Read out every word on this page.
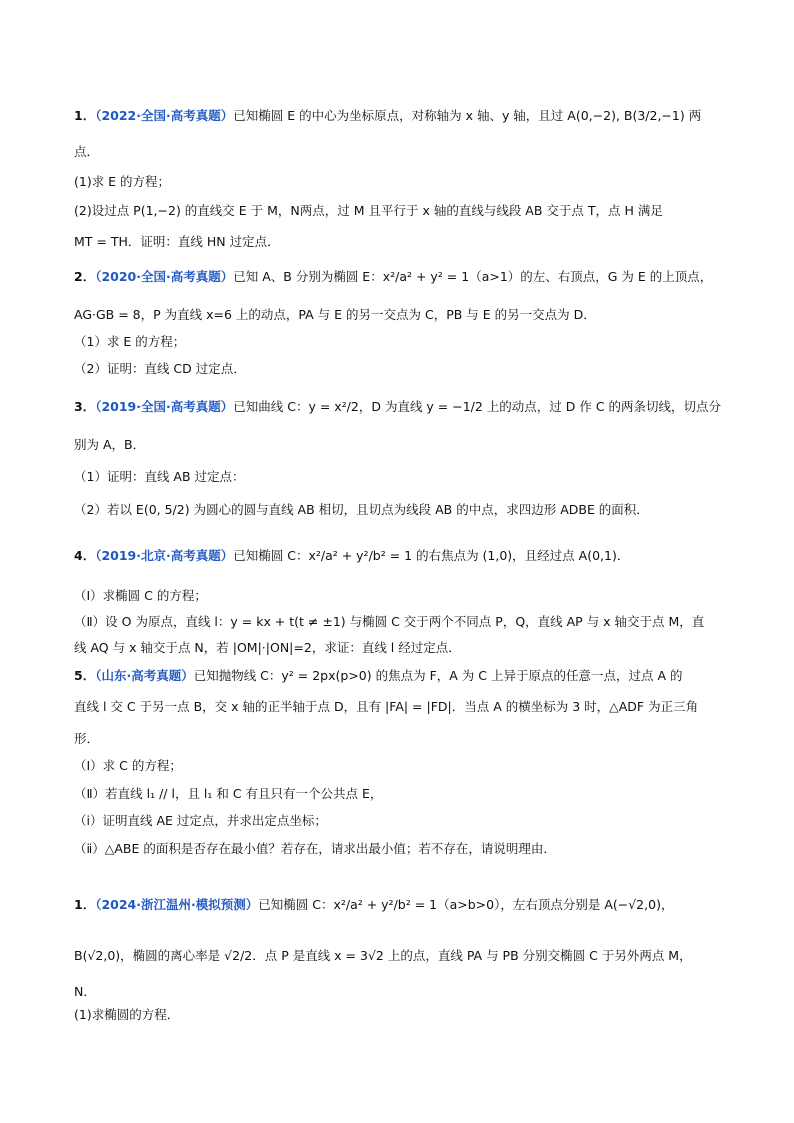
1．（2022·全国·高考真题）已知椭圆 E 的中心为坐标原点，对称轴为 x 轴、y 轴，且过 A(0,−2), B(3/2,−1) 两
点．
(1)求 E 的方程；
(2)设过点 P(1,−2) 的直线交 E 于 M，N两点，过 M 且平行于 x 轴的直线与线段 AB 交于点 T，点 H 满足
MT = TH．证明：直线 HN 过定点．
2．（2020·全国·高考真题）已知 A、B 分别为椭圆 E：x²/a² + y² = 1（a>1）的左、右顶点，G 为 E 的上顶点，
AG·GB = 8，P 为直线 x=6 上的动点，PA 与 E 的另一交点为 C，PB 与 E 的另一交点为 D．
（1）求 E 的方程；
（2）证明：直线 CD 过定点．
3．（2019·全国·高考真题）已知曲线 C：y = x²/2，D 为直线 y = −1/2 上的动点，过 D 作 C 的两条切线，切点分
别为 A，B．
（1）证明：直线 AB 过定点：
（2）若以 E(0, 5/2) 为圆心的圆与直线 AB 相切，且切点为线段 AB 的中点，求四边形 ADBE 的面积．
4．（2019·北京·高考真题）已知椭圆 C：x²/a² + y²/b² = 1 的右焦点为 (1,0)，且经过点 A(0,1)．
（Ⅰ）求椭圆 C 的方程；
（Ⅱ）设 O 为原点，直线 l：y = kx + t(t ≠ ±1) 与椭圆 C 交于两个不同点 P，Q，直线 AP 与 x 轴交于点 M，直
线 AQ 与 x 轴交于点 N，若 |OM|·|ON|=2，求证：直线 l 经过定点．
5．（山东·高考真题）已知抛物线 C：y² = 2px(p>0) 的焦点为 F，A 为 C 上异于原点的任意一点，过点 A 的
直线 l 交 C 于另一点 B，交 x 轴的正半轴于点 D，且有 |FA| = |FD|．当点 A 的横坐标为 3 时，△ADF 为正三角
形．
（Ⅰ）求 C 的方程；
（Ⅱ）若直线 l₁ // l，且 l₁ 和 C 有且只有一个公共点 E，
（ⅰ）证明直线 AE 过定点，并求出定点坐标；
（ⅱ）△ABE 的面积是否存在最小值？若存在，请求出最小值；若不存在，请说明理由．
1．（2024·浙江温州·模拟预测）已知椭圆 C：x²/a² + y²/b² = 1（a>b>0），左右顶点分别是 A(−√2,0)，
B(√2,0)，椭圆的离心率是 √2/2．点 P 是直线 x = 3√2 上的点，直线 PA 与 PB 分别交椭圆 C 于另外两点 M，
N．
(1)求椭圆的方程．
